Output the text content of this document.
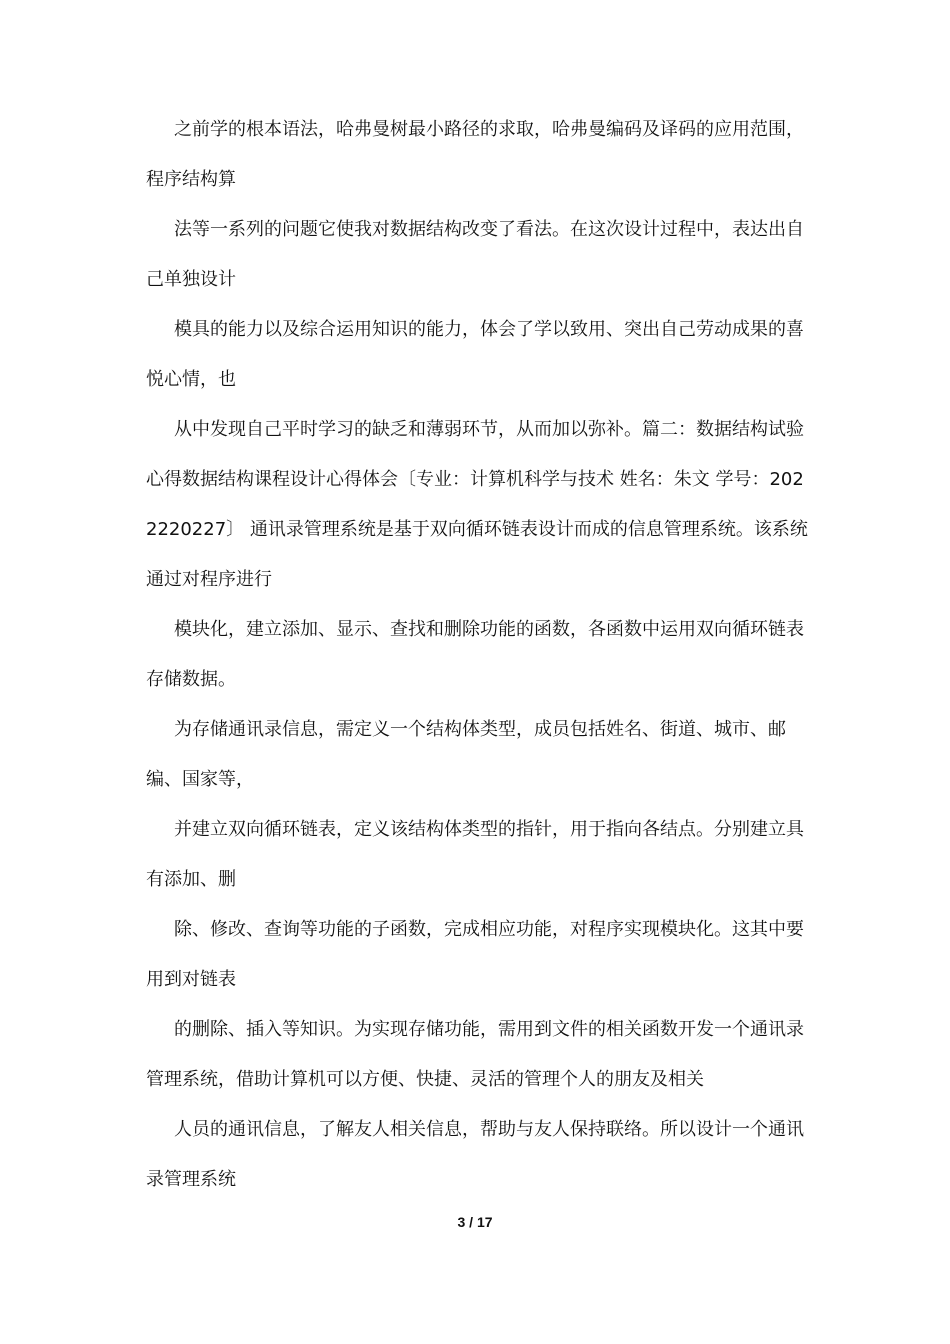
之前学的根本语法，哈弗曼树最小路径的求取，哈弗曼编码及译码的应用范围，程序结构算

法等一系列的问题它使我对数据结构改变了看法。在这次设计过程中，表达出自己单独设计

模具的能力以及综合运用知识的能力，体会了学以致用、突出自己劳动成果的喜悦心情，也

从中发现自己平时学习的缺乏和薄弱环节，从而加以弥补。篇二：数据结构试验心得数据结构课程设计心得体会〔专业：计算机科学与技术 姓名：朱文 学号：2022220227〕 通讯录管理系统是基于双向循环链表设计而成的信息管理系统。该系统通过对程序进行

模块化，建立添加、显示、查找和删除功能的函数，各函数中运用双向循环链表存储数据。

为存储通讯录信息，需定义一个结构体类型，成员包括姓名、街道、城市、邮编、国家等，

并建立双向循环链表，定义该结构体类型的指针，用于指向各结点。分别建立具有添加、删

除、修改、查询等功能的子函数，完成相应功能，对程序实现模块化。这其中要用到对链表

的删除、插入等知识。为实现存储功能，需用到文件的相关函数开发一个通讯录管理系统，借助计算机可以方便、快捷、灵活的管理个人的朋友及相关

人员的通讯信息，了解友人相关信息，帮助与友人保持联络。所以设计一个通讯录管理系统

3 / 17
